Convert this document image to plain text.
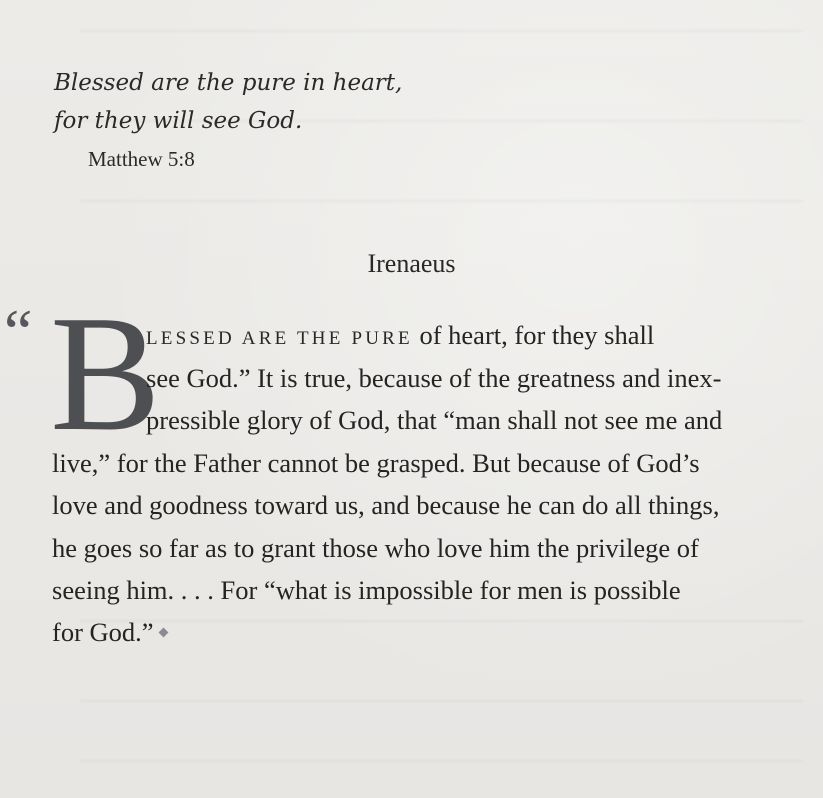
Blessed are the pure in heart,
for they will see God.
Matthew 5:8
Irenaeus
“ B
LESSED ARE THE PURE of heart, for they shall
see God.” It is true, because of the greatness and inex-
pressible glory of God, that “man shall not see me and
live,” for the Father cannot be grasped. But because of God’s
love and goodness toward us, and because he can do all things,
he goes so far as to grant those who love him the privilege of
seeing him. . . . For “what is impossible for men is possible
for God.”
